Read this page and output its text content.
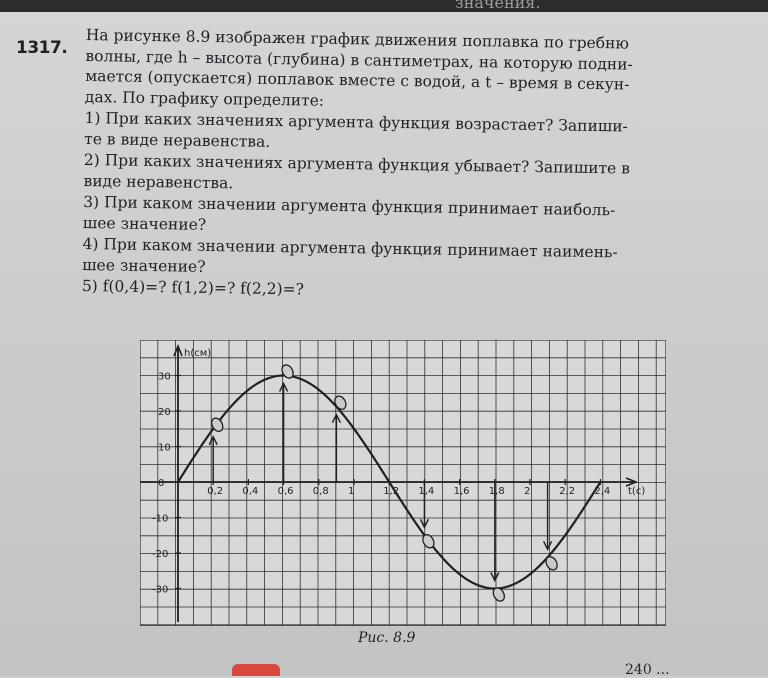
значения.
1317. На рисунке 8.9 изображен график движения поплавка по гребню

волны, где h – высота (глубина) в сантиметрах, на которую подни-

мается (опускается) поплавок вместе с водой, а t – время в секун-

дах. По графику определите:

1) При каких значениях аргумента функция возрастает? Запиши-

те в виде неравенства.

2) При каких значениях аргумента функция убывает? Запишите в

виде неравенства.

3) При каком значении аргумента функция принимает наиболь-

шее значение?

4) При каком значении аргумента функция принимает наимень-

шее значение?

5) f(0,4)=? f(1,2)=? f(2,2)=?

h(см)
t(с)
0,2 0,4 0,6 0,8 1	1,2 1,4 1,6 1,8 2	2,2 2,4
30
20
10
0
-10
-20
-30
Рис. 8.9
240 ...
